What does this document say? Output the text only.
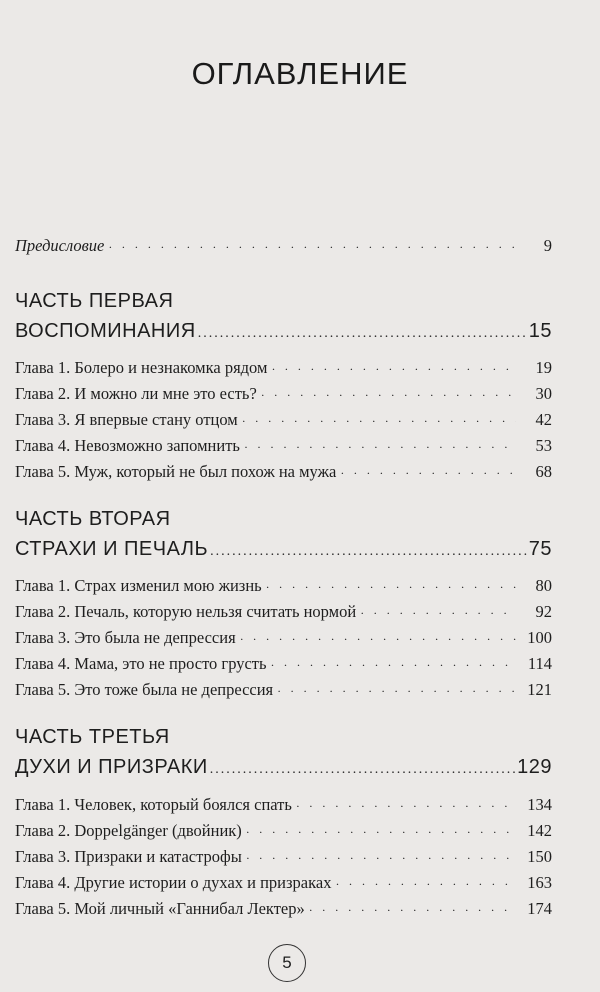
ОГЛАВЛЕНИЕ
Предисловие · · ·	9
ЧАСТЬ ПЕРВАЯ
ВОСПОМИНАНИЯ .....	15
Глава 1. Болеро и незнакомка рядом · · ·	19
Глава 2. И можно ли мне это есть? · · ·	30
Глава 3. Я впервые стану отцом · · ·	42
Глава 4. Невозможно запомнить · · ·	53
Глава 5. Муж, который не был похож на мужа · · ·	68
ЧАСТЬ ВТОРАЯ
СТРАХИ И ПЕЧАЛЬ .....	75
Глава 1. Страх изменил мою жизнь · · ·	80
Глава 2. Печаль, которую нельзя считать нормой · · ·	92
Глава 3. Это была не депрессия · · ·	100
Глава 4. Мама, это не просто грусть · · ·	114
Глава 5. Это тоже была не депрессия · · ·	121
ЧАСТЬ ТРЕТЬЯ
ДУХИ И ПРИЗРАКИ .....	129
Глава 1. Человек, который боялся спать · · ·	134
Глава 2. Doppelgänger (двойник) · · ·	142
Глава 3. Призраки и катастрофы · · ·	150
Глава 4. Другие истории о духах и призраках · · ·	163
Глава 5. Мой личный «Ганнибал Лектер» · · ·	174
5
